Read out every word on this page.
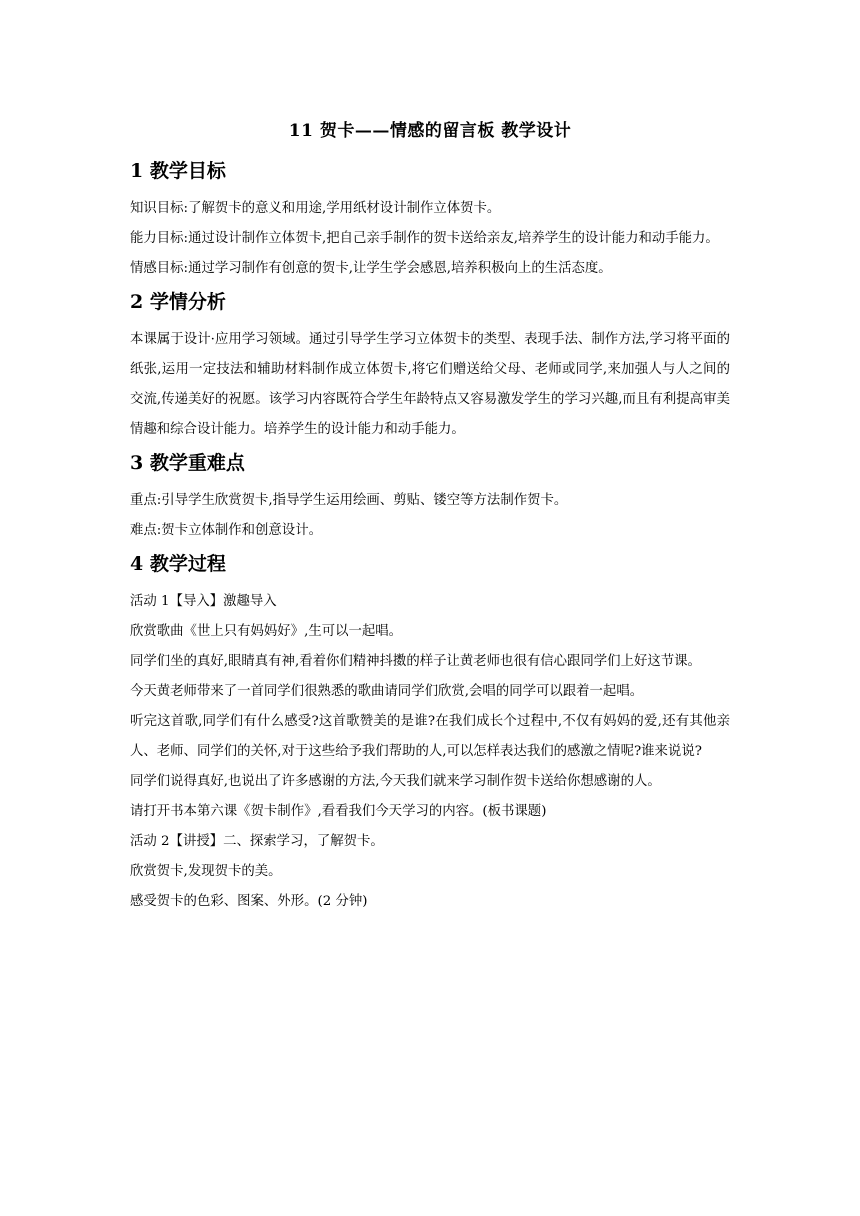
11 贺卡——情感的留言板 教学设计
1 教学目标

知识目标:了解贺卡的意义和用途,学用纸材设计制作立体贺卡。

能力目标:通过设计制作立体贺卡,把自己亲手制作的贺卡送给亲友,培养学生的设计能力和动手能力。

情感目标:通过学习制作有创意的贺卡,让学生学会感恩,培养积极向上的生活态度。

2 学情分析

本课属于设计·应用学习领域。通过引导学生学习立体贺卡的类型、表现手法、制作方法,学习将平面的纸张,运用一定技法和辅助材料制作成立体贺卡,将它们赠送给父母、老师或同学,来加强人与人之间的交流,传递美好的祝愿。该学习内容既符合学生年龄特点又容易激发学生的学习兴趣,而且有利提高审美情趣和综合设计能力。培养学生的设计能力和动手能力。

3 教学重难点

重点:引导学生欣赏贺卡,指导学生运用绘画、剪贴、镂空等方法制作贺卡。

难点:贺卡立体制作和创意设计。

4 教学过程

活动 1【导入】激趣导入

欣赏歌曲《世上只有妈妈好》,生可以一起唱。

同学们坐的真好,眼睛真有神,看着你们精神抖擞的样子让黄老师也很有信心跟同学们上好这节课。

今天黄老师带来了一首同学们很熟悉的歌曲请同学们欣赏,会唱的同学可以跟着一起唱。

听完这首歌,同学们有什么感受?这首歌赞美的是谁?在我们成长个过程中,不仅有妈妈的爱,还有其他亲人、老师、同学们的关怀,对于这些给予我们帮助的人,可以怎样表达我们的感激之情呢?谁来说说?

同学们说得真好,也说出了许多感谢的方法,今天我们就来学习制作贺卡送给你想感谢的人。

请打开书本第六课《贺卡制作》,看看我们今天学习的内容。(板书课题)

活动 2【讲授】二、探索学习，了解贺卡。

欣赏贺卡,发现贺卡的美。

感受贺卡的色彩、图案、外形。(2 分钟)
